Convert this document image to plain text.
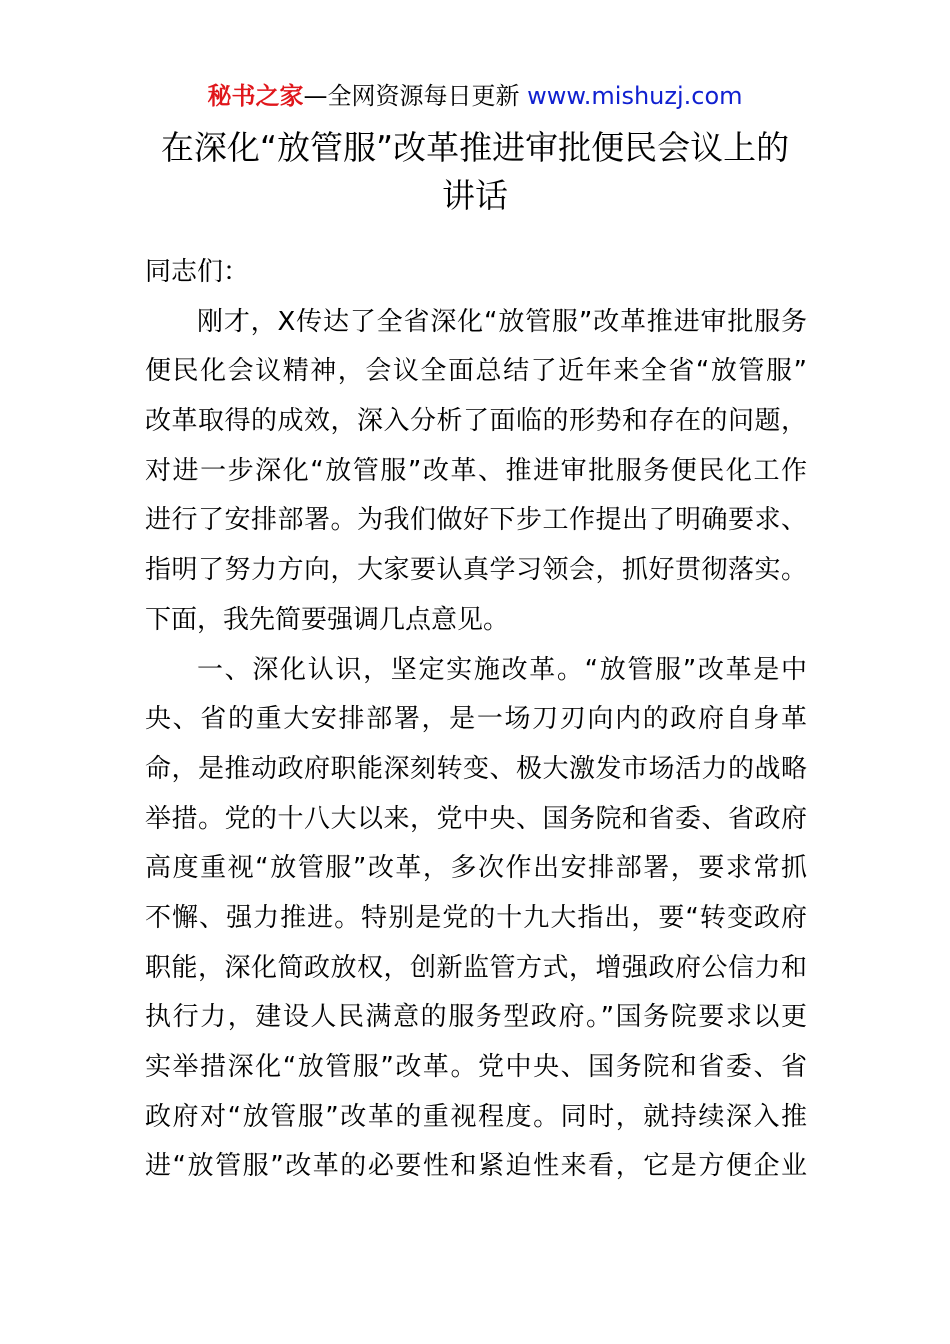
秘书之家—全网资源每日更新 www.mishuzj.com
在深化“放管服”改革推进审批便民会议上的
讲话
同志们：
刚才，X传达了全省深化“放管服”改革推进审批服务
便民化会议精神，会议全面总结了近年来全省“放管服”
改革取得的成效，深入分析了面临的形势和存在的问题，
对进一步深化“放管服”改革、推进审批服务便民化工作
进行了安排部署。为我们做好下步工作提出了明确要求、
指明了努力方向，大家要认真学习领会，抓好贯彻落实。
下面，我先简要强调几点意见。
一、深化认识，坚定实施改革。“放管服”改革是中
央、省的重大安排部署，是一场刀刃向内的政府自身革
命，是推动政府职能深刻转变、极大激发市场活力的战略
举措。党的十八大以来，党中央、国务院和省委、省政府
高度重视“放管服”改革，多次作出安排部署，要求常抓
不懈、强力推进。特别是党的十九大指出，要“转变政府
职能，深化简政放权，创新监管方式，增强政府公信力和
执行力，建设人民满意的服务型政府。”国务院要求以更
实举措深化“放管服”改革。党中央、国务院和省委、省
政府对“放管服”改革的重视程度。同时，就持续深入推
进“放管服”改革的必要性和紧迫性来看，它是方便企业
